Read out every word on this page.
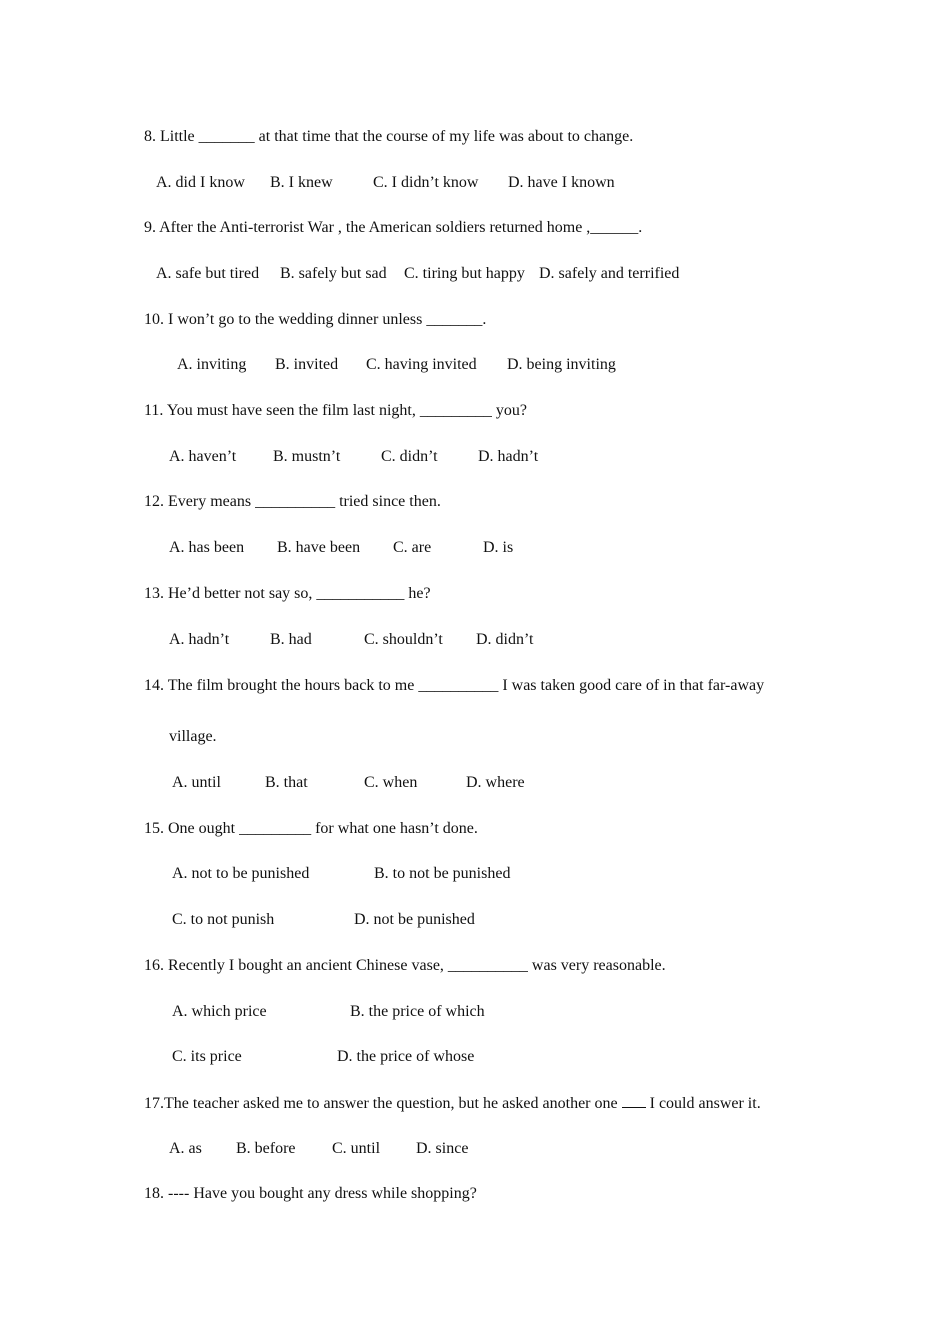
8. Little _______ at that time that the course of my life was about to change.
A. did I know B. I knew	C. I didn’t know D. have I known
9. After the Anti-terrorist War , the American soldiers returned home ,______.
A. safe but tired B. safely but sad C. tiring but happy D. safely and terrified
10. I won’t go to the wedding dinner unless _______.
A. inviting B. invited C. having invited D. being inviting
11. You must have seen the film last night, _________ you?
A. haven’t B. mustn’t	C. didn’t	D. hadn’t
12. Every means __________ tried since then.
A. has been B. have been C. are	D. is
13. He’d better not say so, ___________ he?
A. hadn’t	B. had	C. shouldn’t D. didn’t
14. The film brought the hours back to me __________ I was taken good care of in that far-away
village.
A. until	B. that	C. when	D. where
15. One ought _________ for what one hasn’t done.
A. not to be punished	B. to not be punished
C. to not punish	D. not be punished
16. Recently I bought an ancient Chinese vase, __________ was very reasonable.
A. which price	B. the price of which
C. its price	D. the price of whose
17.The teacher asked me to answer the question, but he asked another one I could answer it.
A. as B. before C. until D. since
18. ---- Have you bought any dress while shopping?
